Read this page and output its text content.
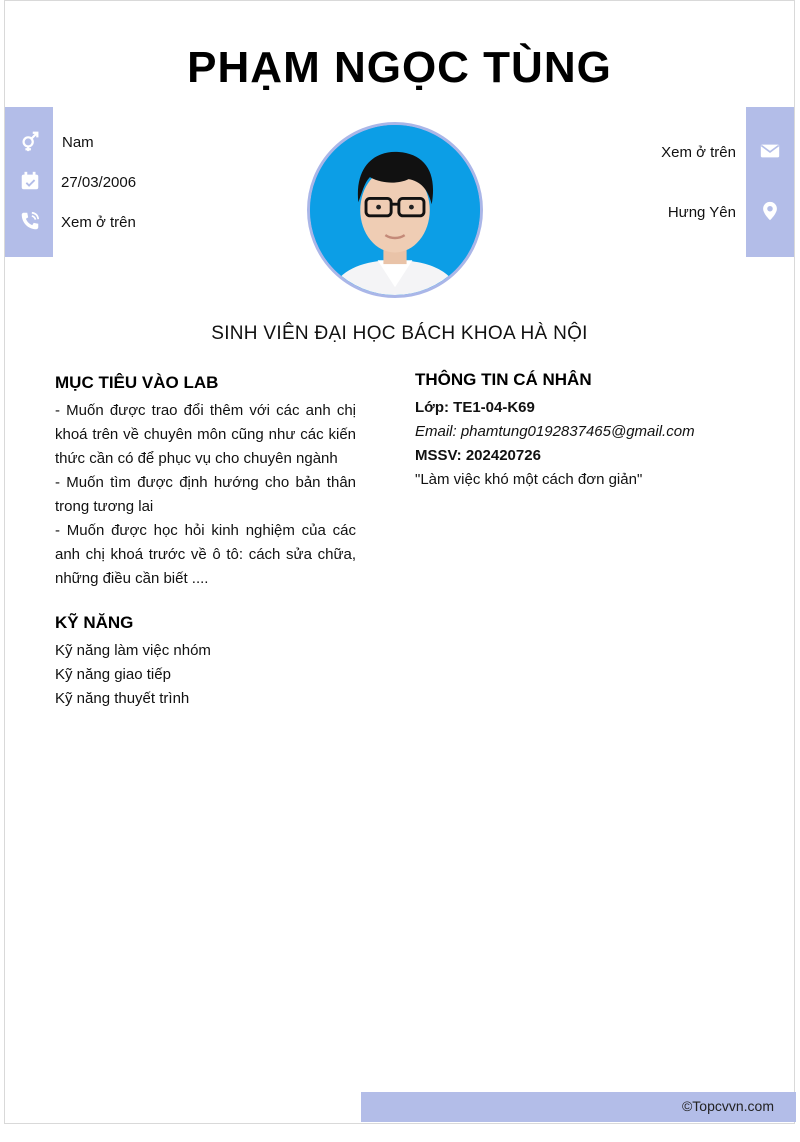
PHẠM NGỌC TÙNG
Nam
27/03/2006
Xem ở trên
Xem ở trên
Hưng Yên
SINH VIÊN ĐẠI HỌC BÁCH KHOA HÀ NỘI
MỤC TIÊU VÀO LAB

- Muốn được trao đổi thêm với các anh chị khoá trên về chuyên môn cũng như các kiến thức cần có để phục vụ cho chuyên ngành

- Muốn tìm được định hướng cho bản thân trong tương lai

- Muốn được học hỏi kinh nghiệm của các anh chị khoá trước về ô tô: cách sửa chữa, những điều cần biết ....

KỸ NĂNG
Kỹ năng làm việc nhóm
Kỹ năng giao tiếp
Kỹ năng thuyết trình
THÔNG TIN CÁ NHÂN
Lớp: TE1-04-K69
Email: phamtung0192837465@gmail.com
MSSV: 202420726
"Làm việc khó một cách đơn giản"
©Topcvvn.com
